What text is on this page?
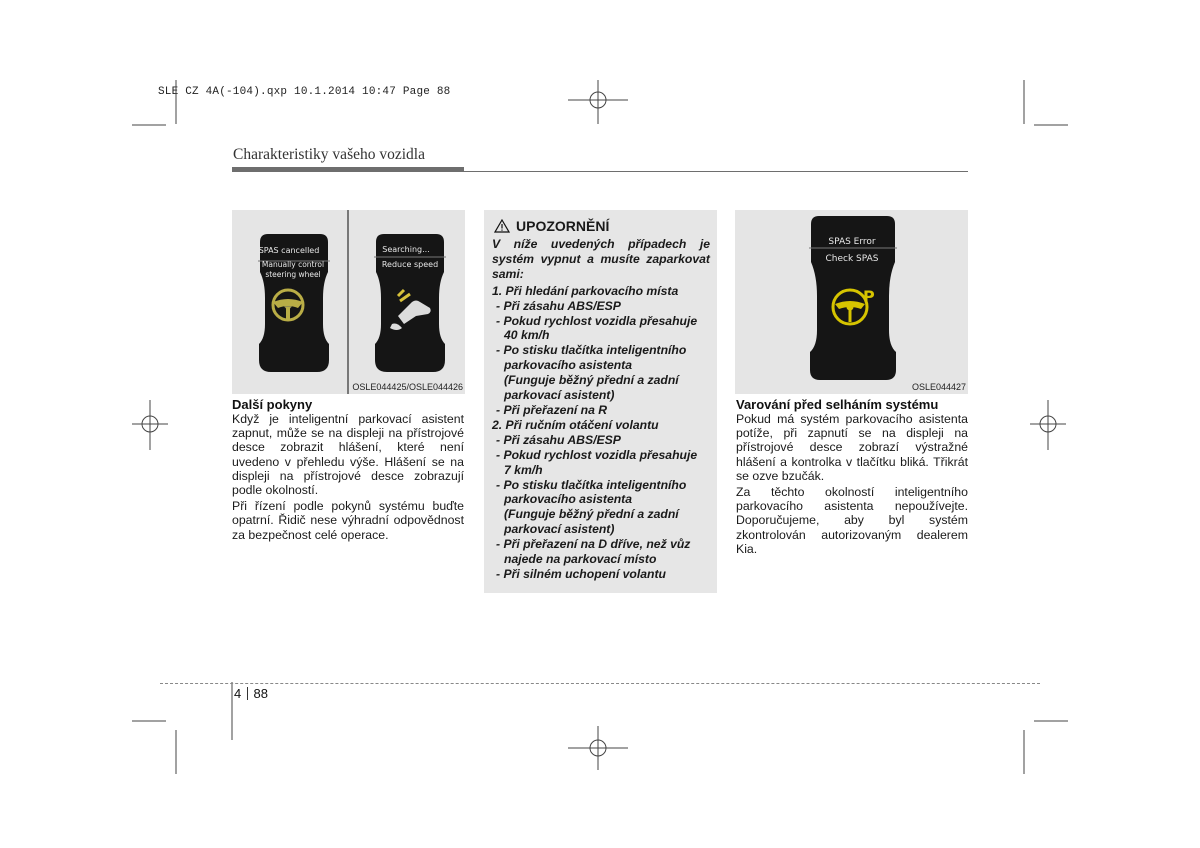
SLE CZ 4A(-104).qxp 10.1.2014 10:47 Page 88
Charakteristiky vašeho vozidla
SPAS cancelled
Manually control
steering wheel
Searching...
Reduce speed
OSLE044425/OSLE044426
Další pokyny

Když je inteligentní parkovací asistent zapnut, může se na displeji na přístrojové desce zobrazit hlášení, které není uvedeno v přehledu výše. Hlášení se na displeji na přístrojové desce zobrazují podle okolností.

Při řízení podle pokynů systému buďte opatrní. Řidič nese výhradní odpovědnost za bezpečnost celé operace.

UPOZORNĚNÍ
V níže uvedených případech je systém vypnut a musíte zaparkovat sami:
1. Při hledání parkovacího místa
- Při zásahu ABS/ESP
- Pokud rychlost vozidla přesahuje
40 km/h
- Po stisku tlačítka inteligentního
parkovacího asistenta
(Funguje běžný přední a zadní
parkovací asistent)
- Při přeřazení na R
2. Při ručním otáčení volantu
- Při zásahu ABS/ESP
- Pokud rychlost vozidla přesahuje
7 km/h
- Po stisku tlačítka inteligentního
parkovacího asistenta
(Funguje běžný přední a zadní
parkovací asistent)
- Při přeřazení na D dříve, než vůz
najede na parkovací místo
- Při silném uchopení volantu
SPAS Error
Check SPAS
P
OSLE044427
Varování před selháním systému

Pokud má systém parkovacího asistenta potíže, při zapnutí se na displeji na přístrojové desce zobrazí výstražné hlášení a kontrolka v tlačítku bliká. Třikrát se ozve bzučák.

Za těchto okolností inteligentního parkovacího asistenta nepoužívejte. Doporučujeme, aby byl systém zkontrolován autorizovaným dealerem Kia.

4 88
